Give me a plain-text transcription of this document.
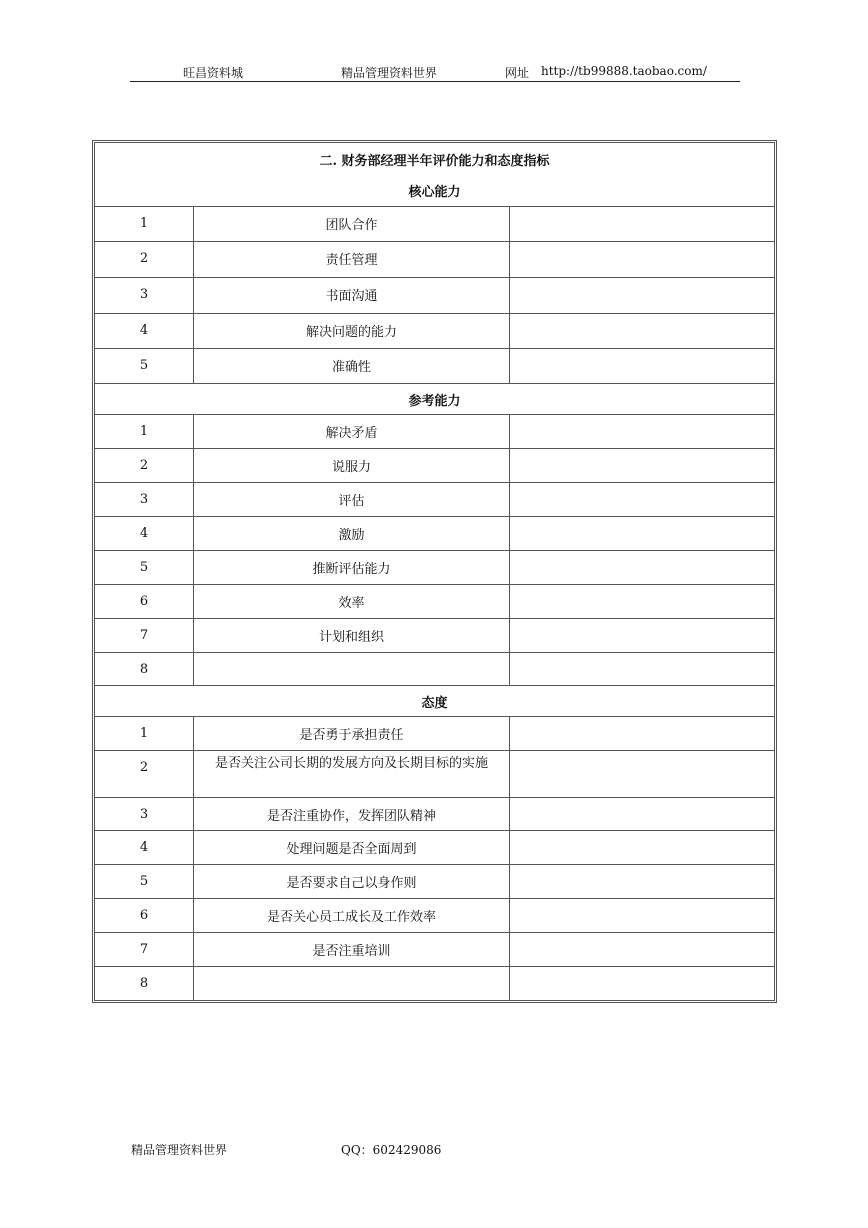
旺昌资料城	精品管理资料世界	网址 http://tb99888.taobao.com/
二. 财务部经理半年评价能力和态度指标
核心能力
1	团队合作
2	责任管理
3	书面沟通
4	解决问题的能力
5	准确性
参考能力
1	解决矛盾
2	说服力
3	评估
4	激励
5	推断评估能力
6	效率
7	计划和组织
8
态度
1	是否勇于承担责任
2	是否关注公司长期的发展方向及长期目标的实施
3	是否注重协作，发挥团队精神
4	处理问题是否全面周到
5	是否要求自己以身作则
6	是否关心员工成长及工作效率
7	是否注重培训
8
精品管理资料世界	QQ：602429086
